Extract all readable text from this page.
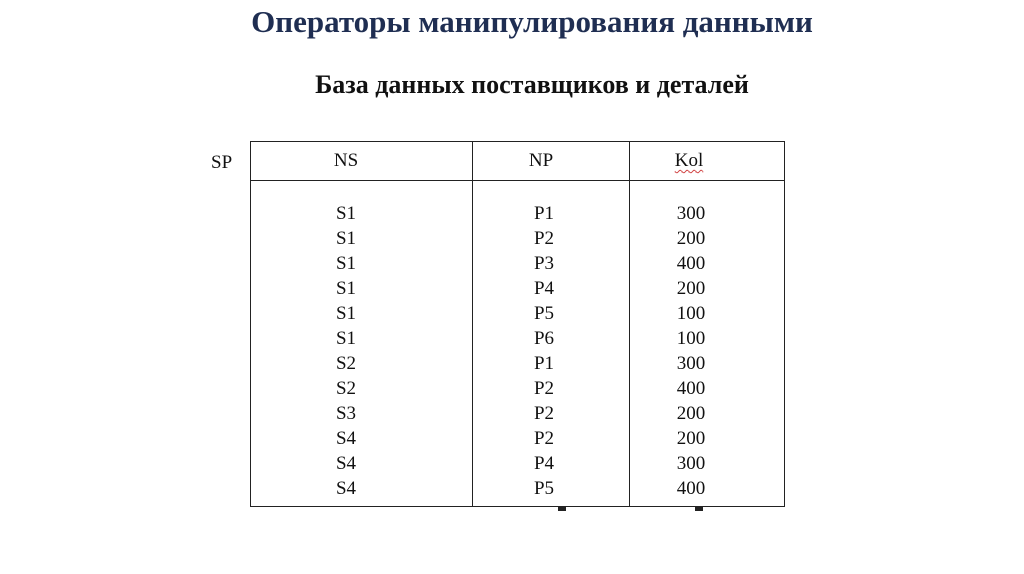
Операторы манипулирования данными
База данных поставщиков и деталей
SP	NS	NP	Kol
S1	P1	300
S1	P2	200
S1	P3	400
S1	P4	200
S1	P5	100
S1	P6	100
S2	P1	300
S2	P2	400
S3	P2	200
S4	P2	200
S4	P4	300
S4	P5	400
